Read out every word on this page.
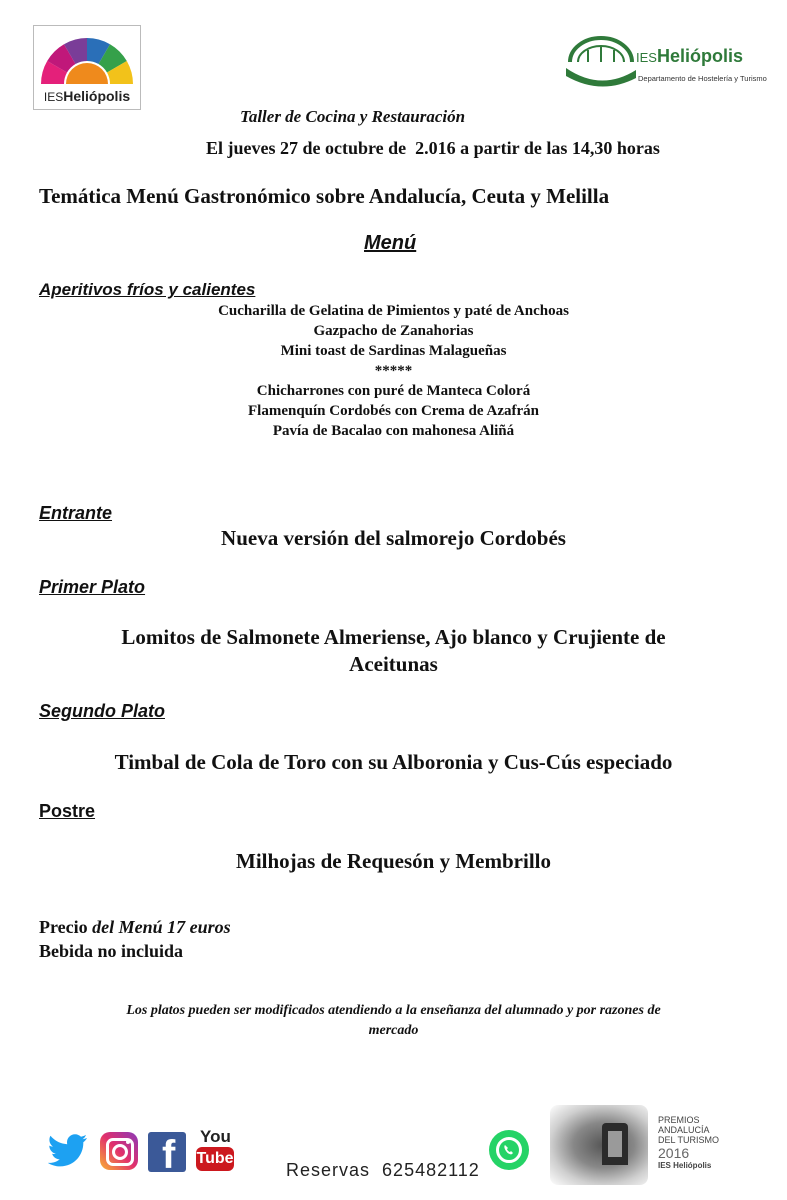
IESHeliópolis
IESHeliópolis
Departamento de Hostelería y Turismo
Taller de Cocina y Restauración
El jueves 27 de octubre de  2.016 a partir de las 14,30 horas
Temática Menú Gastronómico sobre Andalucía, Ceuta y Melilla
Menú
Aperitivos fríos y calientes
Cucharilla de Gelatina de Pimientos y paté de Anchoas
Gazpacho de Zanahorias
Mini toast de Sardinas Malagueñas
*****
Chicharrones con puré de Manteca Colorá
Flamenquín Cordobés con Crema de Azafrán
Pavía de Bacalao con mahonesa Aliñá
Entrante
Nueva versión del salmorejo Cordobés
Primer Plato
Lomitos de Salmonete Almeriense, Ajo blanco y Crujiente de
Aceitunas
Segundo Plato
Timbal de Cola de Toro con su Alboronia y Cus-Cús especiado
Postre
Milhojas de Requesón y Membrillo
Precio del Menú 17 euros
Bebida no incluida
Los platos pueden ser modificados atendiendo a la enseñanza del alumnado y por razones de
mercado
f You
Tube
Reservas 625482112
PREMIOS
ANDALUCÍA
DEL TURISMO
2016
IES Heliópolis
